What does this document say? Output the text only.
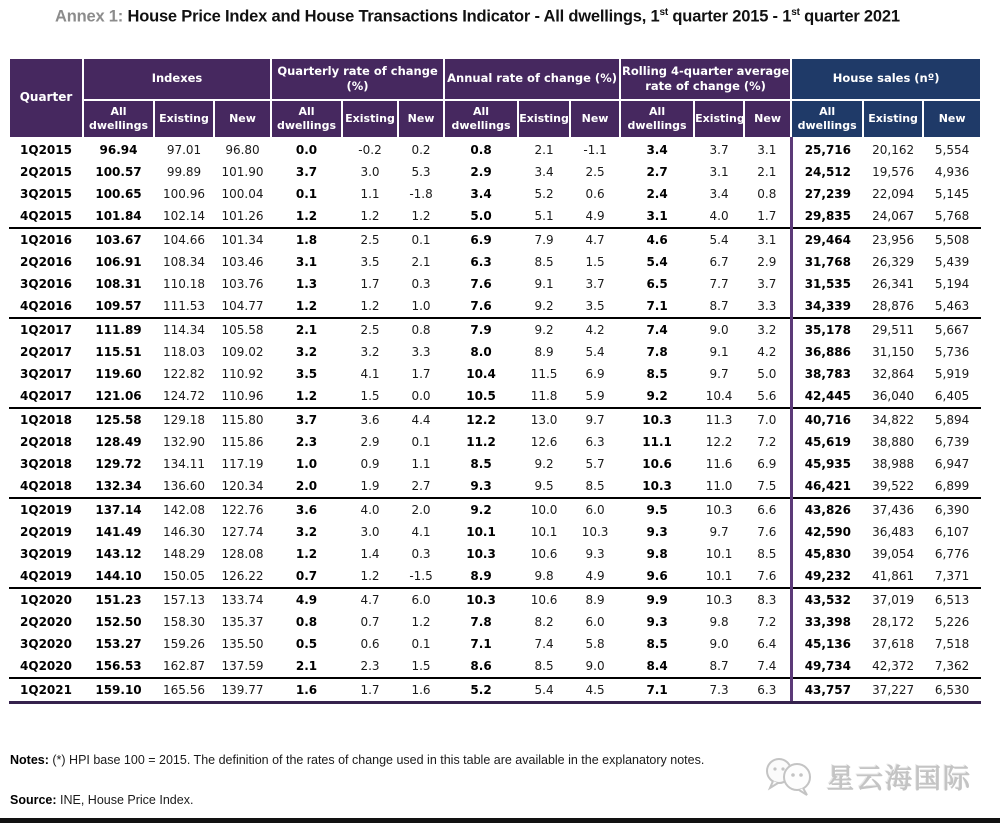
Annex 1: House Price Index and House Transactions Indicator - All dwellings, 1st quarter 2015 - 1st quarter 2021
Quarter	Indexes			Quarterly rate of change (%)			Annual rate of change (%)			Rolling 4-quarter average rate of change (%)			House sales (nº)		
	All dwellings	Existing	New	All dwellings	Existing	New	All dwellings	Existing	New	All dwellings	Existing	New	All dwellings	Existing	New
1Q2015	96.94	97.01	96.80	0.0	-0.2	0.2	0.8	2.1	-1.1	3.4	3.7	3.1	25,716	20,162	5,554
2Q2015	100.57	99.89	101.90	3.7	3.0	5.3	2.9	3.4	2.5	2.7	3.1	2.1	24,512	19,576	4,936
3Q2015	100.65	100.96	100.04	0.1	1.1	-1.8	3.4	5.2	0.6	2.4	3.4	0.8	27,239	22,094	5,145
4Q2015	101.84	102.14	101.26	1.2	1.2	1.2	5.0	5.1	4.9	3.1	4.0	1.7	29,835	24,067	5,768
1Q2016	103.67	104.66	101.34	1.8	2.5	0.1	6.9	7.9	4.7	4.6	5.4	3.1	29,464	23,956	5,508
2Q2016	106.91	108.34	103.46	3.1	3.5	2.1	6.3	8.5	1.5	5.4	6.7	2.9	31,768	26,329	5,439
3Q2016	108.31	110.18	103.76	1.3	1.7	0.3	7.6	9.1	3.7	6.5	7.7	3.7	31,535	26,341	5,194
4Q2016	109.57	111.53	104.77	1.2	1.2	1.0	7.6	9.2	3.5	7.1	8.7	3.3	34,339	28,876	5,463
1Q2017	111.89	114.34	105.58	2.1	2.5	0.8	7.9	9.2	4.2	7.4	9.0	3.2	35,178	29,511	5,667
2Q2017	115.51	118.03	109.02	3.2	3.2	3.3	8.0	8.9	5.4	7.8	9.1	4.2	36,886	31,150	5,736
3Q2017	119.60	122.82	110.92	3.5	4.1	1.7	10.4	11.5	6.9	8.5	9.7	5.0	38,783	32,864	5,919
4Q2017	121.06	124.72	110.96	1.2	1.5	0.0	10.5	11.8	5.9	9.2	10.4	5.6	42,445	36,040	6,405
1Q2018	125.58	129.18	115.80	3.7	3.6	4.4	12.2	13.0	9.7	10.3	11.3	7.0	40,716	34,822	5,894
2Q2018	128.49	132.90	115.86	2.3	2.9	0.1	11.2	12.6	6.3	11.1	12.2	7.2	45,619	38,880	6,739
3Q2018	129.72	134.11	117.19	1.0	0.9	1.1	8.5	9.2	5.7	10.6	11.6	6.9	45,935	38,988	6,947
4Q2018	132.34	136.60	120.34	2.0	1.9	2.7	9.3	9.5	8.5	10.3	11.0	7.5	46,421	39,522	6,899
1Q2019	137.14	142.08	122.76	3.6	4.0	2.0	9.2	10.0	6.0	9.5	10.3	6.6	43,826	37,436	6,390
2Q2019	141.49	146.30	127.74	3.2	3.0	4.1	10.1	10.1	10.3	9.3	9.7	7.6	42,590	36,483	6,107
3Q2019	143.12	148.29	128.08	1.2	1.4	0.3	10.3	10.6	9.3	9.8	10.1	8.5	45,830	39,054	6,776
4Q2019	144.10	150.05	126.22	0.7	1.2	-1.5	8.9	9.8	4.9	9.6	10.1	7.6	49,232	41,861	7,371
1Q2020	151.23	157.13	133.74	4.9	4.7	6.0	10.3	10.6	8.9	9.9	10.3	8.3	43,532	37,019	6,513
2Q2020	152.50	158.30	135.37	0.8	0.7	1.2	7.8	8.2	6.0	9.3	9.8	7.2	33,398	28,172	5,226
3Q2020	153.27	159.26	135.50	0.5	0.6	0.1	7.1	7.4	5.8	8.5	9.0	6.4	45,136	37,618	7,518
4Q2020	156.53	162.87	137.59	2.1	2.3	1.5	8.6	8.5	9.0	8.4	8.7	7.4	49,734	42,372	7,362
1Q2021	159.10	165.56	139.77	1.6	1.7	1.6	5.2	5.4	4.5	7.1	7.3	6.3	43,757	37,227	6,530
Notes: (*) HPI base 100 = 2015. The definition of the rates of change used in this table are available in the explanatory notes.
Source: INE, House Price Index.
星云海国际
